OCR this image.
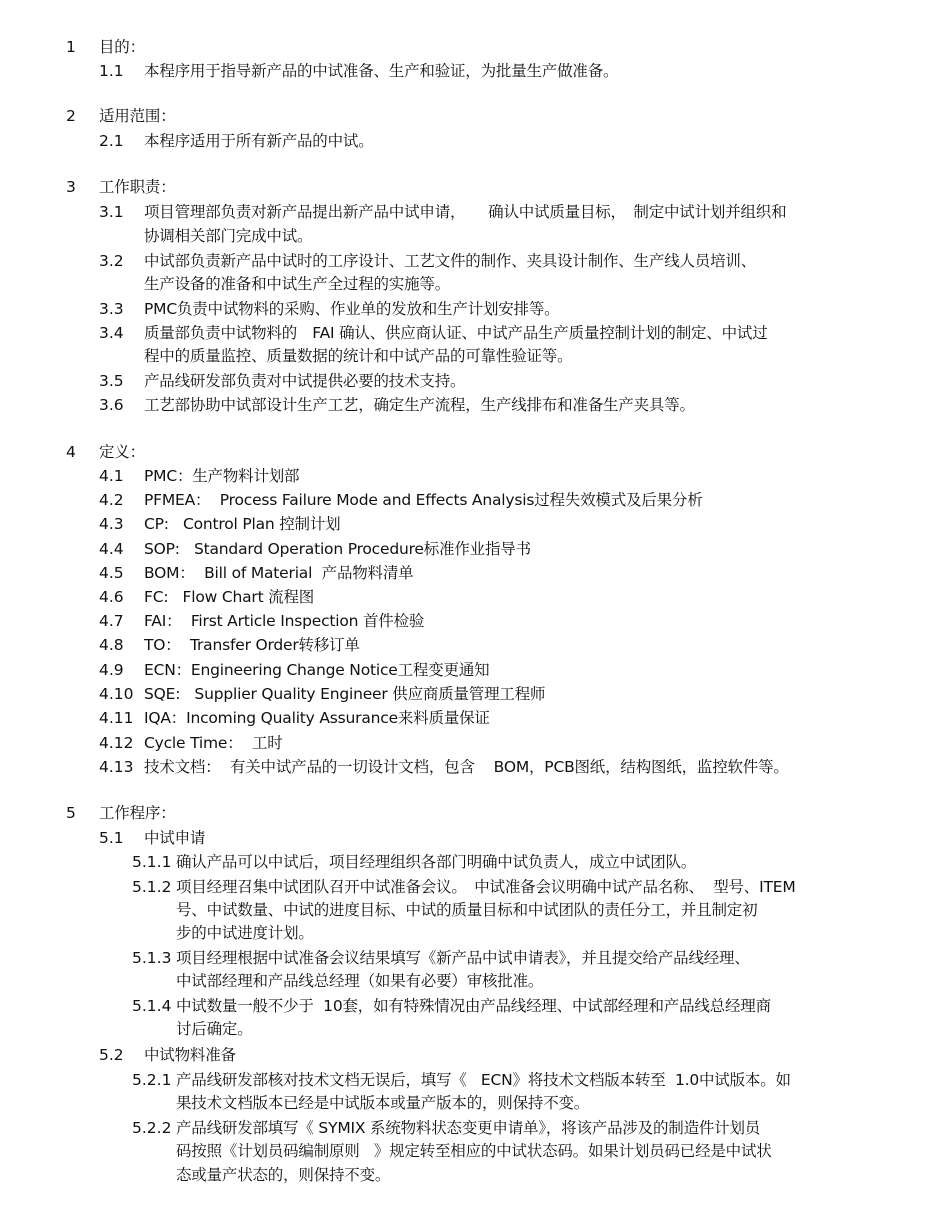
1 目的：
1.1 本程序用于指导新产品的中试准备、生产和验证，为批量生产做准备。
2 适用范围：
2.1 本程序适用于所有新产品的中试。
3 工作职责：
3.1 项目管理部负责对新产品提出新产品中试申请，　　确认中试质量目标，　制定中试计划并组织和
协调相关部门完成中试。
3.2 中试部负责新产品中试时的工序设计、工艺文件的制作、夹具设计制作、生产线人员培训、
生产设备的准备和中试生产全过程的实施等。
3.3 PMC负责中试物料的采购、作业单的发放和生产计划安排等。
3.4 质量部负责中试物料的　FAI 确认、供应商认证、中试产品生产质量控制计划的制定、中试过
程中的质量监控、质量数据的统计和中试产品的可靠性验证等。
3.5 产品线研发部负责对中试提供必要的技术支持。
3.6 工艺部协助中试部设计生产工艺，确定生产流程，生产线排布和准备生产夹具等。
4 定义：
4.1 PMC：生产物料计划部
4.2 PFMEA：  Process Failure Mode and Effects Analysis过程失效模式及后果分析
4.3 CP:   Control Plan 控制计划
4.4 SOP:   Standard Operation Procedure标准作业指导书
4.5 BOM：  Bill of Material  产品物料清单
4.6 FC:   Flow Chart 流程图
4.7 FAI：  First Article Inspection 首件检验
4.8 TO：  Transfer Order转移订单
4.9 ECN：Engineering Change Notice工程变更通知
4.10 SQE:   Supplier Quality Engineer 供应商质量管理工程师
4.11 IQA：Incoming Quality Assurance来料质量保证
4.12 Cycle Time：  工时
4.13 技术文档：  有关中试产品的一切设计文档，包含    BOM，PCB图纸，结构图纸，监控软件等。
5 工作程序：
5.1 中试申请
5.1.1 确认产品可以中试后，项目经理组织各部门明确中试负责人，成立中试团队。
5.1.2 项目经理召集中试团队召开中试准备会议。　中试准备会议明确中试产品名称、  型号、ITEM
号、中试数量、中试的进度目标、中试的质量目标和中试团队的责任分工，并且制定初
步的中试进度计划。
5.1.3 项目经理根据中试准备会议结果填写《新产品中试申请表》，并且提交给产品线经理、
中试部经理和产品线总经理（如果有必要）审核批准。
5.1.4 中试数量一般不少于  10套，如有特殊情况由产品线经理、中试部经理和产品线总经理商
讨后确定。
5.2 中试物料准备
5.2.1 产品线研发部核对技术文档无误后，填写《   ECN》将技术文档版本转至  1.0中试版本。如
果技术文档版本已经是中试版本或量产版本的，则保持不变。
5.2.2 产品线研发部填写《 SYMIX 系统物料状态变更申请单》，将该产品涉及的制造件计划员
码按照《计划员码编制原则   》规定转至相应的中试状态码。如果计划员码已经是中试状
态或量产状态的，则保持不变。
